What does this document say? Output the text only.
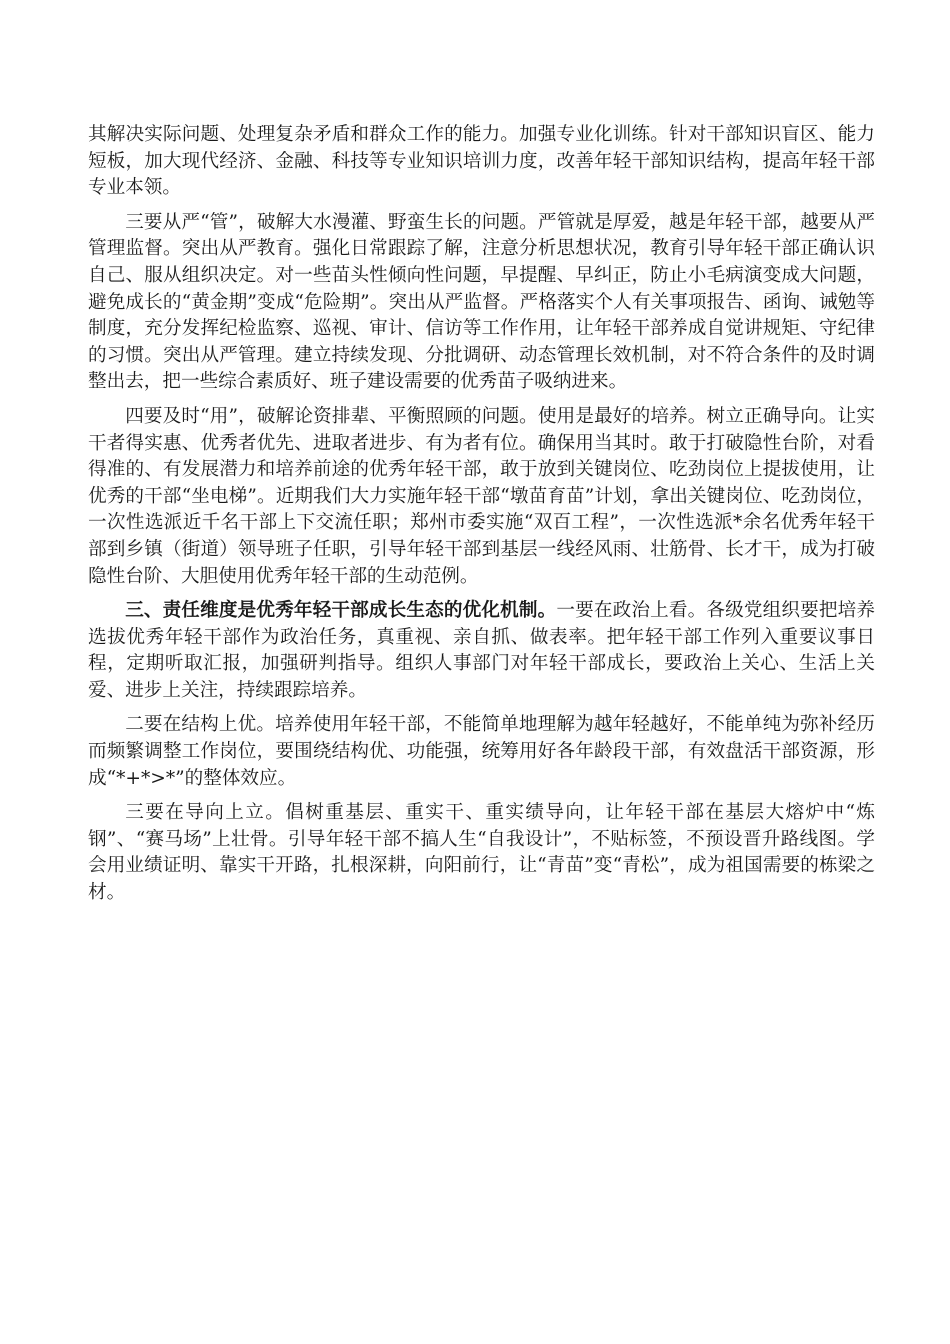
其解决实际问题、处理复杂矛盾和群众工作的能力。加强专业化训练。针对干部知识盲区、能力短板，加大现代经济、金融、科技等专业知识培训力度，改善年轻干部知识结构，提高年轻干部专业本领。

三要从严“管”，破解大水漫灌、野蛮生长的问题。严管就是厚爱，越是年轻干部，越要从严管理监督。突出从严教育。强化日常跟踪了解，注意分析思想状况，教育引导年轻干部正确认识自己、服从组织决定。对一些苗头性倾向性问题，早提醒、早纠正，防止小毛病演变成大问题，避免成长的“黄金期”变成“危险期”。突出从严监督。严格落实个人有关事项报告、函询、诫勉等制度，充分发挥纪检监察、巡视、审计、信访等工作作用，让年轻干部养成自觉讲规矩、守纪律的习惯。突出从严管理。建立持续发现、分批调研、动态管理长效机制，对不符合条件的及时调整出去，把一些综合素质好、班子建设需要的优秀苗子吸纳进来。

四要及时“用”，破解论资排辈、平衡照顾的问题。使用是最好的培养。树立正确导向。让实干者得实惠、优秀者优先、进取者进步、有为者有位。确保用当其时。敢于打破隐性台阶，对看得准的、有发展潜力和培养前途的优秀年轻干部，敢于放到关键岗位、吃劲岗位上提拔使用，让优秀的干部“坐电梯”。近期我们大力实施年轻干部“墩苗育苗”计划，拿出关键岗位、吃劲岗位，一次性选派近千名干部上下交流任职；郑州市委实施“双百工程”，一次性选派*余名优秀年轻干部到乡镇（街道）领导班子任职，引导年轻干部到基层一线经风雨、壮筋骨、长才干，成为打破隐性台阶、大胆使用优秀年轻干部的生动范例。

三、责任维度是优秀年轻干部成长生态的优化机制。一要在政治上看。各级党组织要把培养选拔优秀年轻干部作为政治任务，真重视、亲自抓、做表率。把年轻干部工作列入重要议事日程，定期听取汇报，加强研判指导。组织人事部门对年轻干部成长，要政治上关心、生活上关爱、进步上关注，持续跟踪培养。

二要在结构上优。培养使用年轻干部，不能简单地理解为越年轻越好，不能单纯为弥补经历而频繁调整工作岗位，要围绕结构优、功能强，统筹用好各年龄段干部，有效盘活干部资源，形成“*+*>*”的整体效应。

三要在导向上立。倡树重基层、重实干、重实绩导向，让年轻干部在基层大熔炉中“炼钢”、“赛马场”上壮骨。引导年轻干部不搞人生“自我设计”，不贴标签，不预设晋升路线图。学会用业绩证明、靠实干开路，扎根深耕，向阳前行，让“青苗”变“青松”，成为祖国需要的栋梁之材。
